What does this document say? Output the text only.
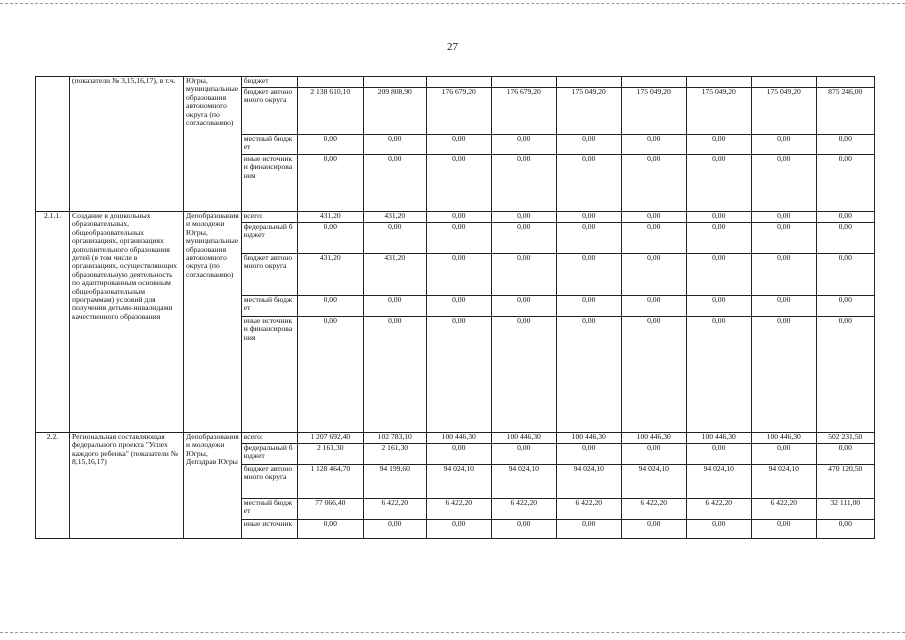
27
	(показатели № 3,15,16,17), в т.ч.	Югры, муниципальные образования автономного округа (по согласованию)	бюджет									
			бюджет автономного округа	2 138 610,10	209 808,90	176 679,20	176 679,20	175 049,20	175 049,20	175 049,20	175 049,20	875 246,00
			местный бюджет	0,00	0,00	0,00	0,00	0,00	0,00	0,00	0,00	0,00
			иные источники финансирования	0,00	0,00	0,00	0,00	0,00	0,00	0,00	0,00	0,00
2.1.1.	Создание в дошкольных образовательных, общеобразовательных организациях, организациях дополнительного образования детей (в том числе в организациях, осуществляющих образовательную деятельность по адаптированным основным общеобразовательным программам) условий для получения детьми-инвалидами качественного образования	Депобразования и молодежи Югры, муниципальные образования автономного округа (по согласованию)	всего:	431,20	431,20	0,00	0,00	0,00	0,00	0,00	0,00	0,00
			федеральный бюджет	0,00	0,00	0,00	0,00	0,00	0,00	0,00	0,00	0,00
			бюджет автономного округа	431,20	431,20	0,00	0,00	0,00	0,00	0,00	0,00	0,00
			местный бюджет	0,00	0,00	0,00	0,00	0,00	0,00	0,00	0,00	0,00
			иные источники финансирования	0,00	0,00	0,00	0,00	0,00	0,00	0,00	0,00	0,00
2.2.	Региональная составляющая федерального проекта "Успех каждого ребенка" (показатели № 8,15,16,17)	Депобразования и молодежи Югры, Депздрав Югры	всего:	1 207 692,40	102 783,10	100 446,30	100 446,30	100 446,30	100 446,30	100 446,30	100 446,30	502 231,50
			федеральный бюджет	2 161,30	2 161,30	0,00	0,00	0,00	0,00	0,00	0,00	0,00
			бюджет автономного округа	1 128 464,70	94 199,60	94 024,10	94 024,10	94 024,10	94 024,10	94 024,10	94 024,10	470 120,50
			местный бюджет	77 066,40	6 422,20	6 422,20	6 422,20	6 422,20	6 422,20	6 422,20	6 422,20	32 111,00
			иные источник	0,00	0,00	0,00	0,00	0,00	0,00	0,00	0,00	0,00
